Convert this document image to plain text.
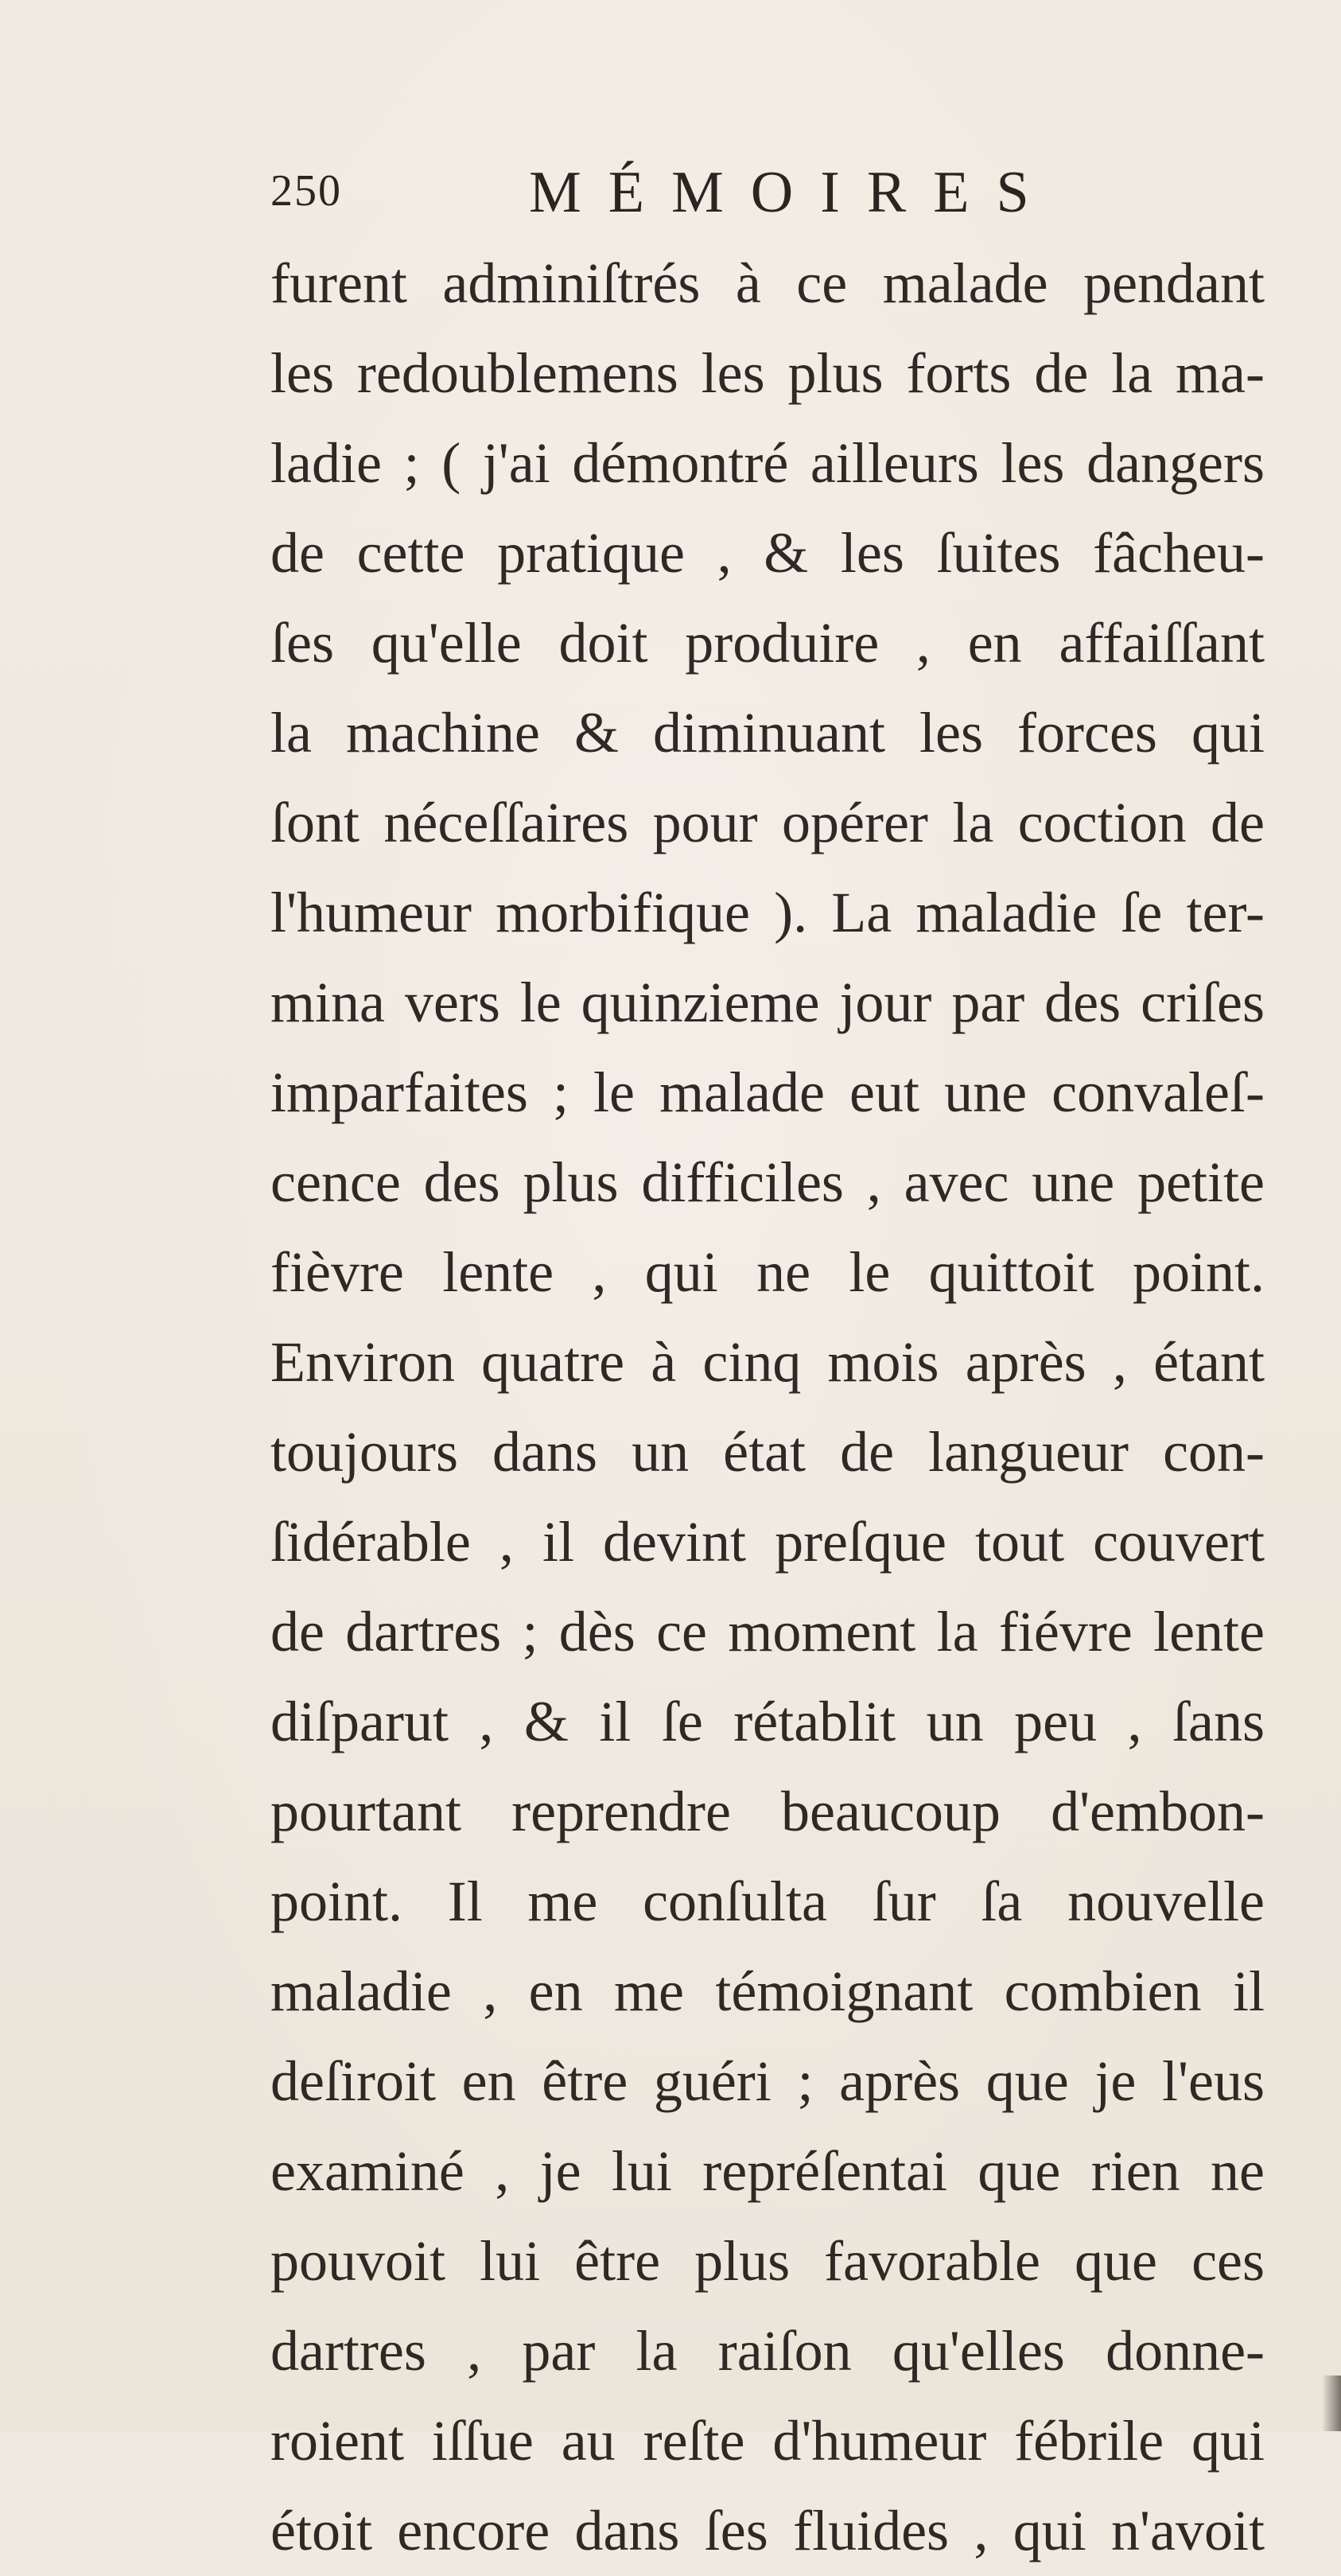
250	MÉMOIRES
furent adminiſtrés à ce malade pendant
les redoublemens les plus forts de la ma-
ladie ; ( j'ai démontré ailleurs les dangers
de cette pratique , & les ſuites fâcheu-
ſes qu'elle doit produire , en affaiſſant
la machine & diminuant les forces qui
ſont néceſſaires pour opérer la coction de
l'humeur morbifique ). La maladie ſe ter-
mina vers le quinzieme jour par des criſes
imparfaites ; le malade eut une convaleſ-
cence des plus difficiles , avec une petite
fièvre lente , qui ne le quittoit point.
Environ quatre à cinq mois après , étant
toujours dans un état de langueur con-
ſidérable , il devint preſque tout couvert
de dartres ; dès ce moment la fiévre lente
diſparut , & il ſe rétablit un peu , ſans
pourtant reprendre beaucoup d'embon-
point. Il me conſulta ſur ſa nouvelle
maladie , en me témoignant combien il
deſiroit en être guéri ; après que je l'eus
examiné , je lui repréſentai que rien ne
pouvoit lui être plus favorable que ces
dartres , par la raiſon qu'elles donne-
roient iſſue au reſte d'humeur fébrile qui
étoit encore dans ſes fluides , qui n'avoit
